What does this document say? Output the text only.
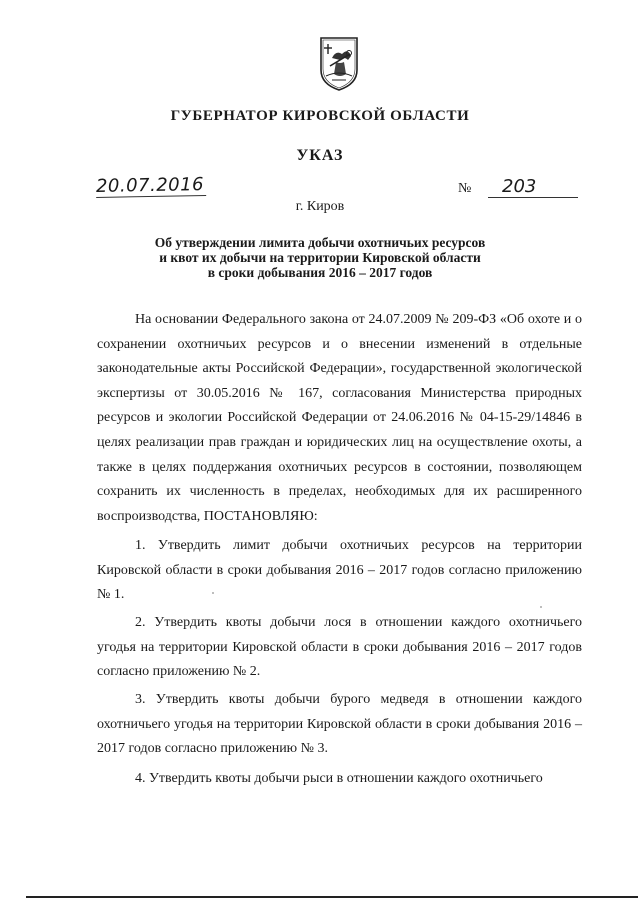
ГУБЕРНАТОР КИРОВСКОЙ ОБЛАСТИ
УКАЗ
20.07.2016	№	203
г. Киров
Об утверждении лимита добычи охотничьих ресурсов
и квот их добычи на территории Кировской области
в сроки добывания 2016 – 2017 годов
На основании Федерального закона от 24.07.2009 № 209-ФЗ «Об охоте и о сохранении охотничьих ресурсов и о внесении изменений в отдельные законодательные акты Российской Федерации», государственной экологической экспертизы от 30.05.2016 № 167, согласования Министерства природных ресурсов и экологии Российской Федерации от 24.06.2016 № 04-15-29/14846 в целях реализации прав граждан и юридических лиц на осуществление охоты, а также в целях поддержания охотничьих ресурсов в состоянии, позволяющем сохранить их численность в пределах, необходимых для их расширенного воспроизводства, ПОСТАНОВЛЯЮ:
1. Утвердить лимит добычи охотничьих ресурсов на территории Кировской области в сроки добывания 2016 – 2017 годов согласно приложению № 1.
2. Утвердить квоты добычи лося в отношении каждого охотничьего угодья на территории Кировской области в сроки добывания 2016 – 2017 годов согласно приложению № 2.
3. Утвердить квоты добычи бурого медведя в отношении каждого охотничьего угодья на территории Кировской области в сроки добывания 2016 – 2017 годов согласно приложению № 3.
4. Утвердить квоты добычи рыси в отношении каждого охотничьего
